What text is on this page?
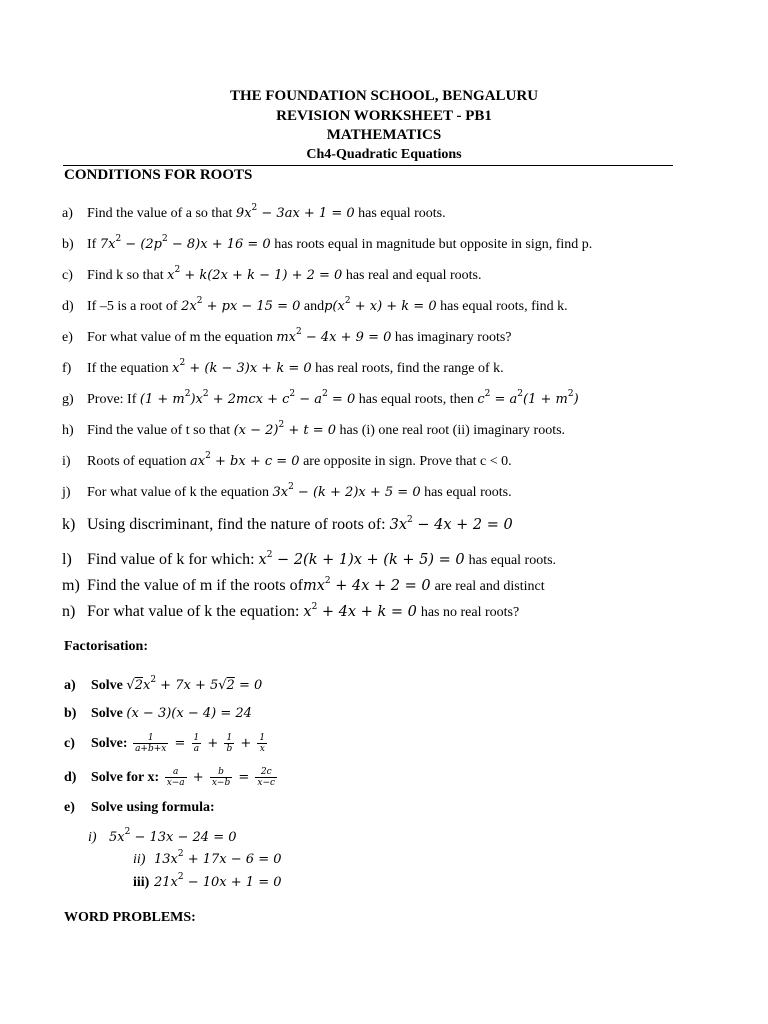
THE FOUNDATION SCHOOL, BENGALURU
REVISION WORKSHEET - PB1
MATHEMATICS
Ch4-Quadratic Equations
CONDITIONS FOR ROOTS
a) Find the value of a so that $9x^2 - 3ax + 1 = 0$ has equal roots.
b) If $7x^2 - (2p^2 - 8)x + 16 = 0$ has roots equal in magnitude but opposite in sign, find p.
c) Find k so that $x^2 + k(2x + k - 1) + 2 = 0$ has real and equal roots.
d) If –5 is a root of $2x^2$ + px − 15 = 0 $andp(x^2 + x) + k = 0$ has equal roots, find k.
e) For what value of m the equation $mx^2 - 4x + 9 = 0$ has imaginary roots?
f) If the equation $x^2 + (k - 3)x + k = 0$ has real roots, find the range of k.
g) Prove: If $(1 + m^2)x^2 + 2mcx + c^2 - a^2 = 0$ has equal roots, then $c^2 = a^2(1 + m^2)$
h) Find the value of t so that $(x - 2)^2 + t = 0$ has (i) one real root (ii) imaginary roots.
i) Roots of equation $ax^2$ + bx + c = 0 are opposite in sign. Prove that c < 0.
j) For what value of k the equation $3x^2 - (k + 2)x + 5 = 0$ has equal roots.
k) Using discriminant, find the nature of roots of: $3x^2 - 4x + 2 = 0$
l) Find value of k for which: $x^2 - 2(k + 1)x + (k + 5) = 0$ has equal roots.
m) Find the value of m if the roots ofmx$^2$ + 4x + 2 = 0 are real and distinct
n) For what value of k the equation: $x^2 + 4x + k = 0$ has no real roots?
Factorisation:
a) Solve $√2x^2 + 7x + 5√2 = 0$
b) Solve (x − 3)(x − 4) = 24
c) Solve: $\frac{1}{a+b+x} = \frac{1}{a} + \frac{1}{b} + \frac{1}{x}$
d) Solve for x: $\frac{a}{x-a} + \frac{b}{x-b} = \frac{2c}{x-c}$
e) Solve using formula:
i) $5x^2 - 13x - 24 = 0$
ii) $13x^2 + 17x - 6 = 0$
iii) $21x^2 - 10x + 1 = 0$
WORD PROBLEMS:
